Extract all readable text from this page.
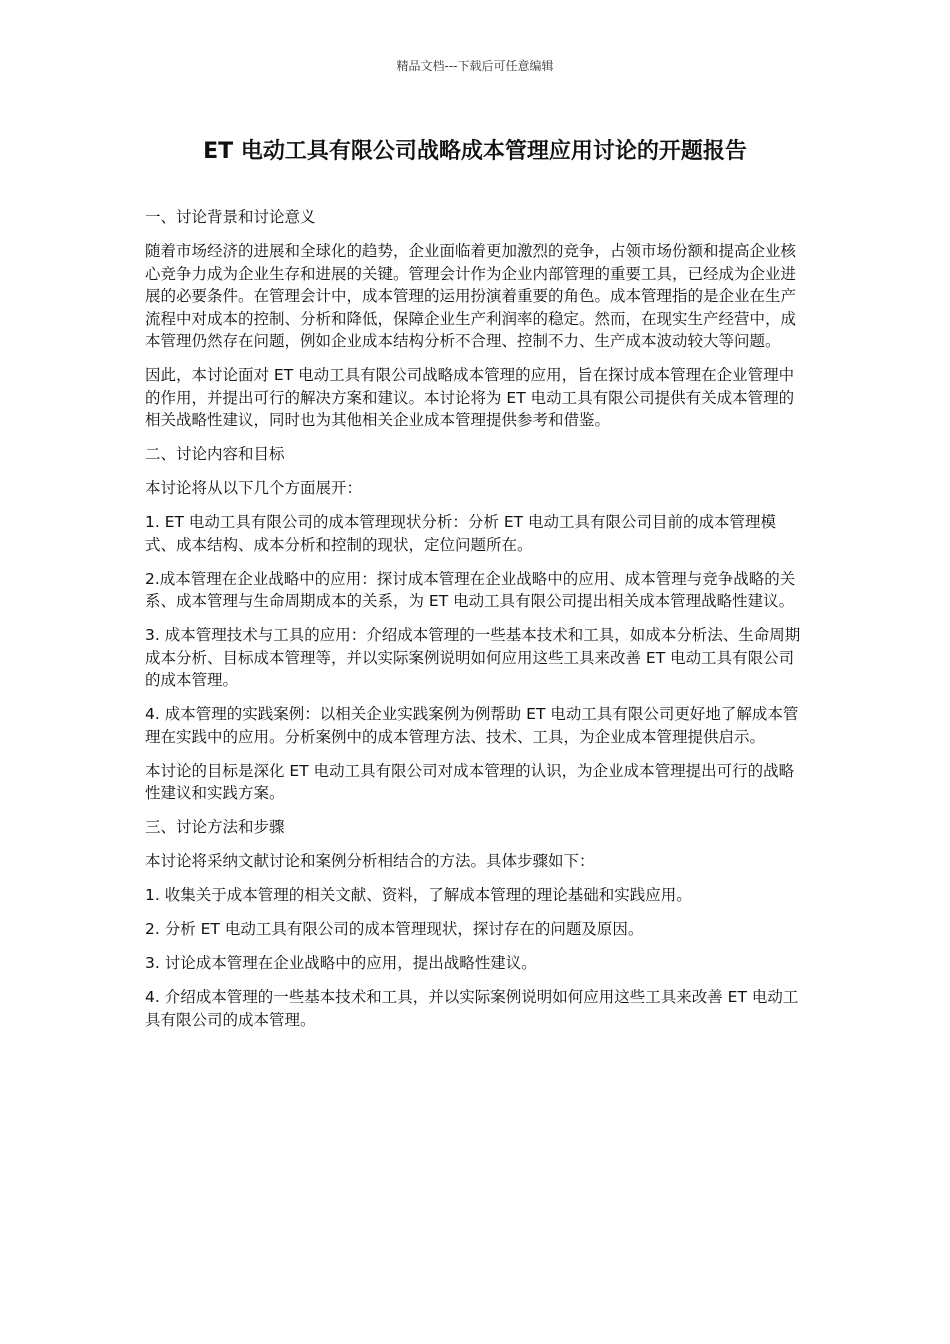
精品文档---下载后可任意编辑
ET 电动工具有限公司战略成本管理应用讨论的开题报告

一、讨论背景和讨论意义

随着市场经济的进展和全球化的趋势，企业面临着更加激烈的竞争，占领市场份额和提高企业核心竞争力成为企业生存和进展的关键。管理会计作为企业内部管理的重要工具，已经成为企业进展的必要条件。在管理会计中，成本管理的运用扮演着重要的角色。成本管理指的是企业在生产流程中对成本的控制、分析和降低，保障企业生产利润率的稳定。然而，在现实生产经营中，成本管理仍然存在问题，例如企业成本结构分析不合理、控制不力、生产成本波动较大等问题。

因此，本讨论面对 ET 电动工具有限公司战略成本管理的应用，旨在探讨成本管理在企业管理中的作用，并提出可行的解决方案和建议。本讨论将为 ET 电动工具有限公司提供有关成本管理的相关战略性建议，同时也为其他相关企业成本管理提供参考和借鉴。

二、讨论内容和目标

本讨论将从以下几个方面展开：

1. ET 电动工具有限公司的成本管理现状分析：分析 ET 电动工具有限公司目前的成本管理模式、成本结构、成本分析和控制的现状，定位问题所在。

2.成本管理在企业战略中的应用：探讨成本管理在企业战略中的应用、成本管理与竞争战略的关系、成本管理与生命周期成本的关系，为 ET 电动工具有限公司提出相关成本管理战略性建议。

3. 成本管理技术与工具的应用：介绍成本管理的一些基本技术和工具，如成本分析法、生命周期成本分析、目标成本管理等，并以实际案例说明如何应用这些工具来改善 ET 电动工具有限公司的成本管理。

4. 成本管理的实践案例：以相关企业实践案例为例帮助 ET 电动工具有限公司更好地了解成本管理在实践中的应用。分析案例中的成本管理方法、技术、工具，为企业成本管理提供启示。

本讨论的目标是深化 ET 电动工具有限公司对成本管理的认识，为企业成本管理提出可行的战略性建议和实践方案。

三、讨论方法和步骤

本讨论将采纳文献讨论和案例分析相结合的方法。具体步骤如下：

1. 收集关于成本管理的相关文献、资料，了解成本管理的理论基础和实践应用。

2. 分析 ET 电动工具有限公司的成本管理现状，探讨存在的问题及原因。

3. 讨论成本管理在企业战略中的应用，提出战略性建议。

4. 介绍成本管理的一些基本技术和工具，并以实际案例说明如何应用这些工具来改善 ET 电动工具有限公司的成本管理。
